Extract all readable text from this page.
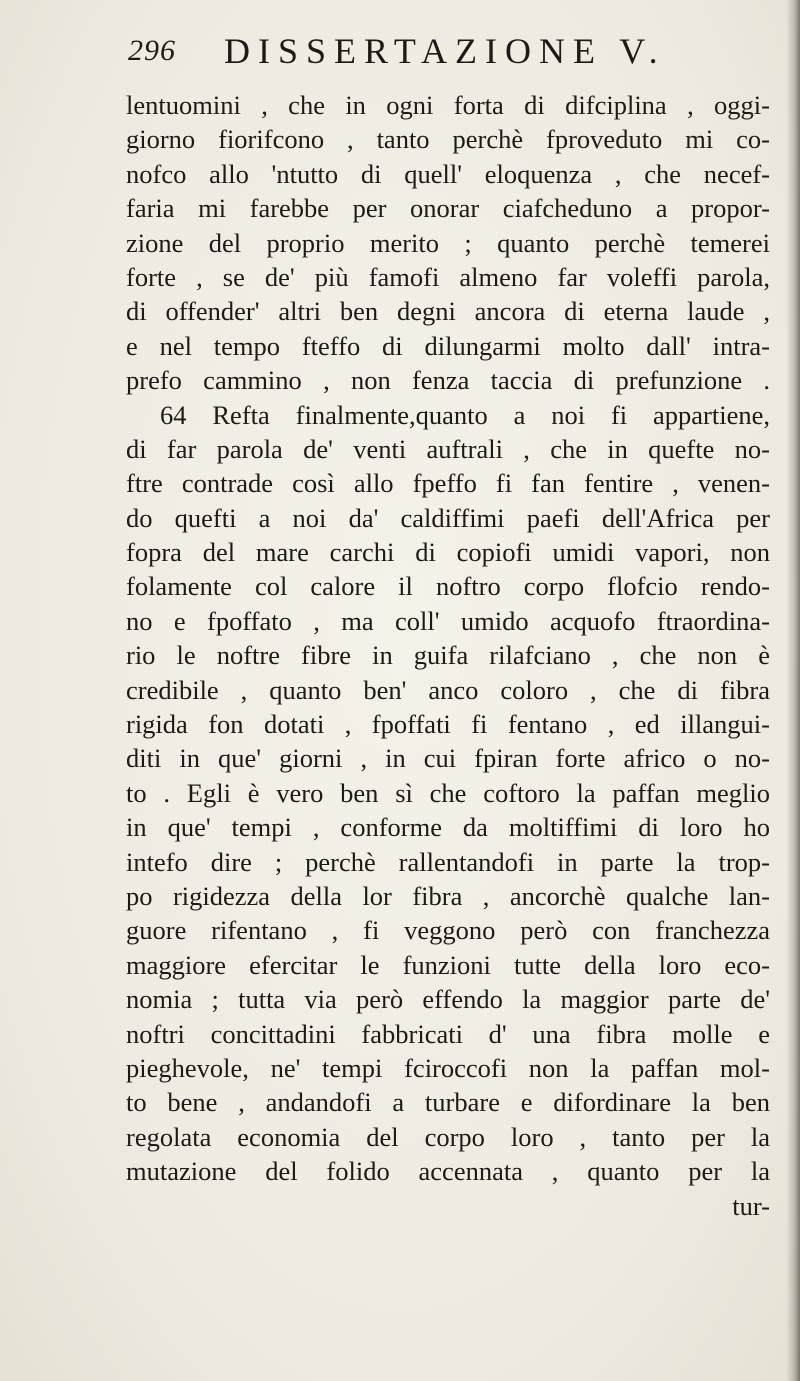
296 DISSERTAZIONE V.
lentuomini , che in ogni forta di difciplina , oggi-
giorno fiorifcono , tanto perchè fproveduto mi co-
nofco allo 'ntutto di quell' eloquenza , che necef-
faria mi farebbe per onorar ciafcheduno a propor-
zione del proprio merito ; quanto perchè temerei
forte , se de' più famofi almeno far voleffi parola,
di offender' altri ben degni ancora di eterna laude ,
e nel tempo fteffo di dilungarmi molto dall' intra-
prefo cammino , non fenza taccia di prefunzione .
64 Refta finalmente,quanto a noi fi appartiene,
di far parola de' venti auftrali , che in quefte no-
ftre contrade così allo fpeffo fi fan fentire , venen-
do quefti a noi da' caldiffimi paefi dell'Africa per
fopra del mare carchi di copiofi umidi vapori, non
folamente col calore il noftro corpo flofcio rendo-
no e fpoffato , ma coll' umido acquofo ftraordina-
rio le noftre fibre in guifa rilafciano , che non è
credibile , quanto ben' anco coloro , che di fibra
rigida fon dotati , fpoffati fi fentano , ed illangui-
diti in que' giorni , in cui fpiran forte africo o no-
to . Egli è vero ben sì che coftoro la paffan meglio
in que' tempi , conforme da moltiffimi di loro ho
intefo dire ; perchè rallentandofi in parte la trop-
po rigidezza della lor fibra , ancorchè qualche lan-
guore rifentano , fi veggono però con franchezza
maggiore efercitar le funzioni tutte della loro eco-
nomia ; tutta via però effendo la maggior parte de'
noftri concittadini fabbricati d' una fibra molle e
pieghevole, ne' tempi fciroccofi non la paffan mol-
to bene , andandofi a turbare e difordinare la ben
regolata economia del corpo loro , tanto per la
mutazione del folido accennata , quanto per la
tur-
